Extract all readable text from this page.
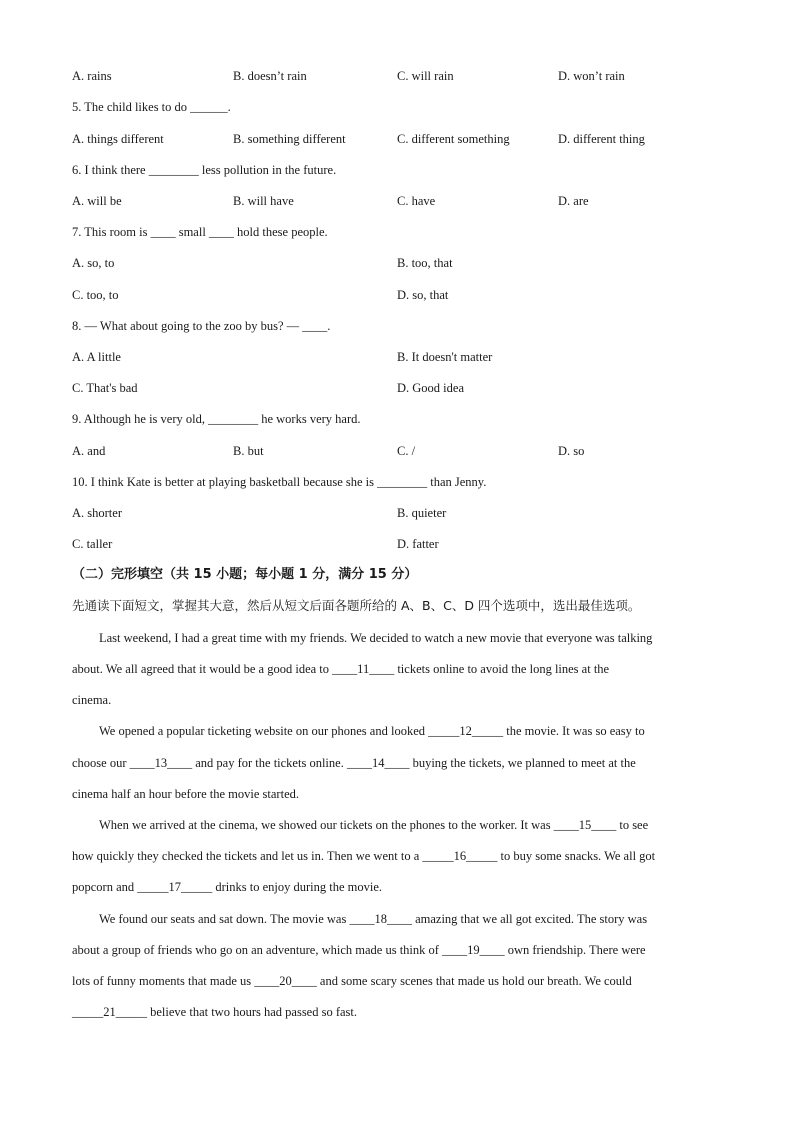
A. rains	B. doesn’t rain	C. will rain	D. won’t rain
5. The child likes to do ______.
A. things different	B. something different	C. different something	D. different thing
6. I think there ________ less pollution in the future.
A. will be	B. will have	C. have	D. are
7. This room is ____ small ____ hold these people.
A. so, to	B. too, that
C. too, to	D. so, that
8. — What about going to the zoo by bus? — ____.
A. A little	B. It doesn't matter
C. That's bad	D. Good idea
9. Although he is very old, ________ he works very hard.
A. and	B. but	C. /	D. so
10. I think Kate is better at playing basketball because she is ________ than Jenny.
A. shorter	B. quieter
C. taller	D. fatter
（二）完形填空（共 15 小题；每小题 1 分，满分 15 分）
先通读下面短文，掌握其大意，然后从短文后面各题所给的 A、B、C、D 四个选项中，选出最佳选项。
Last weekend, I had a great time with my friends. We decided to watch a new movie that everyone was talking
about. We all agreed that it would be a good idea to ____11____ tickets online to avoid the long lines at the
cinema.
We opened a popular ticketing website on our phones and looked _____12_____ the movie. It was so easy to
choose our ____13____ and pay for the tickets online. ____14____ buying the tickets, we planned to meet at the
cinema half an hour before the movie started.
When we arrived at the cinema, we showed our tickets on the phones to the worker. It was ____15____ to see
how quickly they checked the tickets and let us in. Then we went to a _____16_____ to buy some snacks. We all got
popcorn and _____17_____ drinks to enjoy during the movie.
We found our seats and sat down. The movie was ____18____ amazing that we all got excited. The story was
about a group of friends who go on an adventure, which made us think of ____19____ own friendship. There were
lots of funny moments that made us ____20____ and some scary scenes that made us hold our breath. We could
_____21_____ believe that two hours had passed so fast.
